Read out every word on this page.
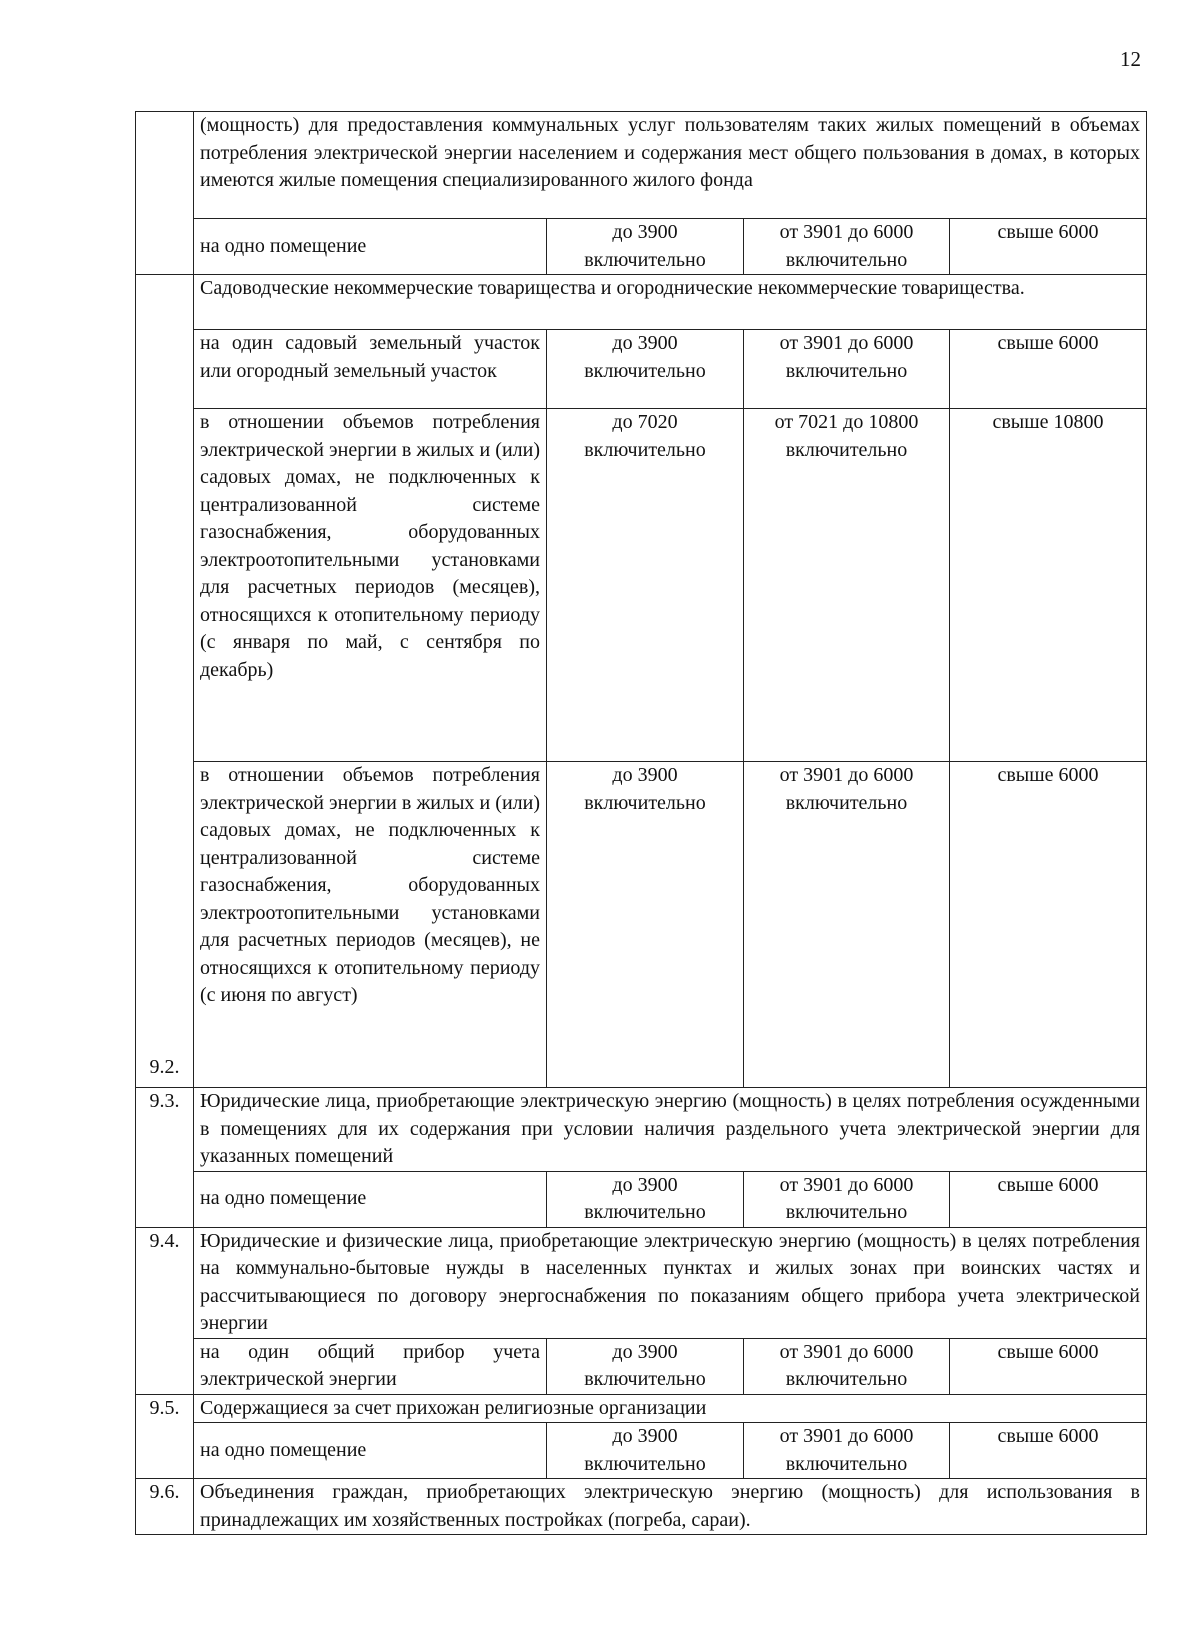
12
	(мощность) для предоставления коммунальных услуг пользователям таких жилых помещений в объемах потребления электрической энергии населением и содержания мест общего пользования в домах, в которых имеются жилые помещения специализированного жилого фонда			
	на одно помещение	до 3900 включительно	от 3901 до 6000 включительно	свыше 6000
9.2.	Садоводческие некоммерческие товарищества и огороднические некоммерческие товарищества.			
	на один садовый земельный участок или огородный земельный участок	до 3900 включительно	от 3901 до 6000 включительно	свыше 6000
	в отношении объемов потребления электрической энергии в жилых и (или) садовых домах, не подключенных к централизованной системе газоснабжения, оборудованных электроотопительными установками для расчетных периодов (месяцев), относящихся к отопительному периоду (с января по май, с сентября по декабрь)	до 7020 включительно	от 7021 до 10800 включительно	свыше 10800
	в отношении объемов потребления электрической энергии в жилых и (или) садовых домах, не подключенных к централизованной системе газоснабжения, оборудованных электроотопительными установками для расчетных периодов (месяцев), не относящихся к отопительному периоду (с июня по август)	до 3900 включительно	от 3901 до 6000 включительно	свыше 6000
9.3.	Юридические лица, приобретающие электрическую энергию (мощность) в целях потребления осужденными в помещениях для их содержания при условии наличия раздельного учета электрической энергии для указанных помещений			
	на одно помещение	до 3900 включительно	от 3901 до 6000 включительно	свыше 6000
9.4.	Юридические и физические лица, приобретающие электрическую энергию (мощность) в целях потребления на коммунально-бытовые нужды в населенных пунктах и жилых зонах при воинских частях и рассчитывающиеся по договору энергоснабжения по показаниям общего прибора учета электрической энергии			
	на один общий прибор учета электрической энергии	до 3900 включительно	от 3901 до 6000 включительно	свыше 6000
9.5.	Содержащиеся за счет прихожан религиозные организации			
	на одно помещение	до 3900 включительно	от 3901 до 6000 включительно	свыше 6000
9.6.	Объединения граждан, приобретающих электрическую энергию (мощность) для использования в принадлежащих им хозяйственных постройках (погреба, сараи).			
